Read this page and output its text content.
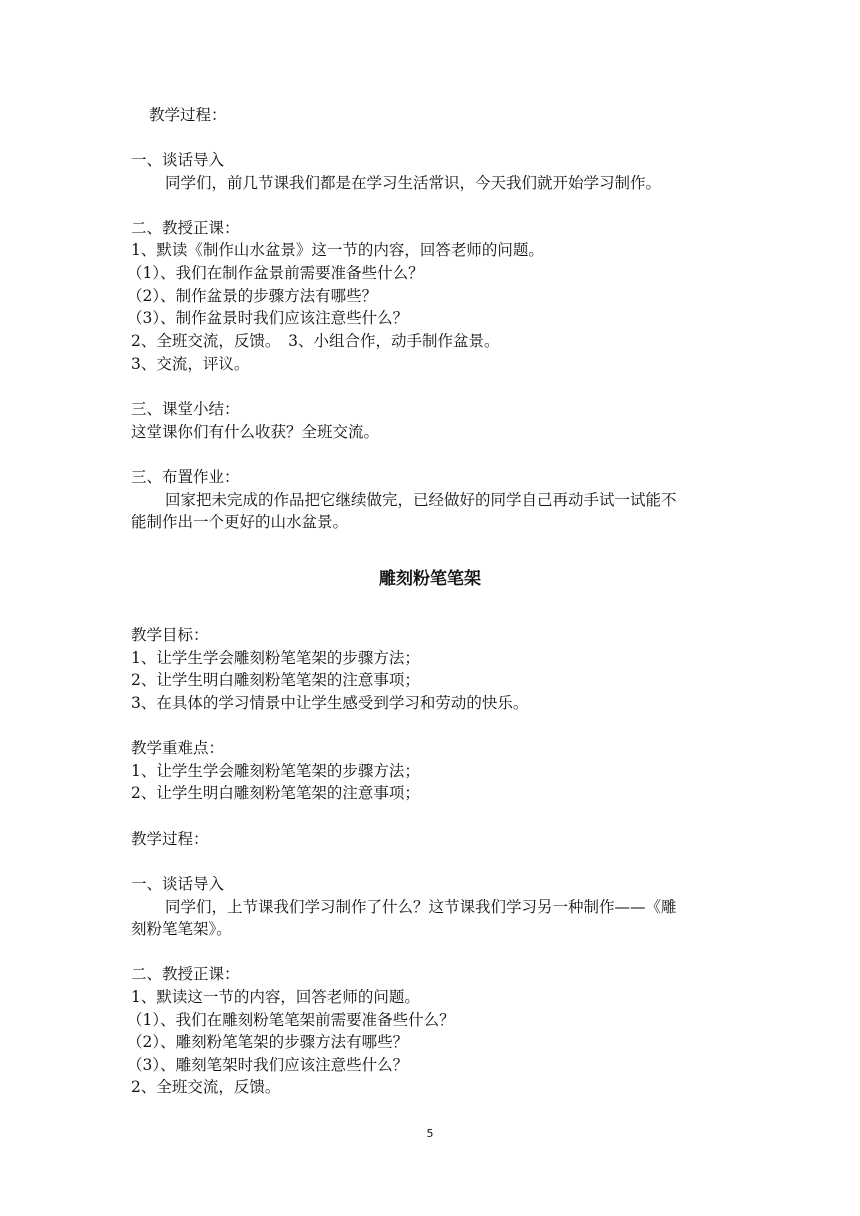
教学过程：
一、谈话导入
同学们，前几节课我们都是在学习生活常识，今天我们就开始学习制作。
二、教授正课：
1、默读《制作山水盆景》这一节的内容，回答老师的问题。
（1）、我们在制作盆景前需要准备些什么？
（2）、制作盆景的步骤方法有哪些？
（3）、制作盆景时我们应该注意些什么？
2、全班交流，反馈。　3、小组合作，动手制作盆景。
3、交流，评议。
三、课堂小结：
这堂课你们有什么收获？全班交流。
三、布置作业：
回家把未完成的作品把它继续做完，已经做好的同学自己再动手试一试能不
能制作出一个更好的山水盆景。
雕刻粉笔笔架
教学目标：
1、让学生学会雕刻粉笔笔架的步骤方法；
2、让学生明白雕刻粉笔笔架的注意事项；
3、在具体的学习情景中让学生感受到学习和劳动的快乐。
教学重难点：
1、让学生学会雕刻粉笔笔架的步骤方法；
2、让学生明白雕刻粉笔笔架的注意事项；
教学过程：
一、谈话导入
同学们，上节课我们学习制作了什么？这节课我们学习另一种制作——《雕
刻粉笔笔架》。
二、教授正课：
1、默读这一节的内容，回答老师的问题。
（1）、我们在雕刻粉笔笔架前需要准备些什么？
（2）、雕刻粉笔笔架的步骤方法有哪些？
（3）、雕刻笔架时我们应该注意些什么？
2、全班交流，反馈。
5
